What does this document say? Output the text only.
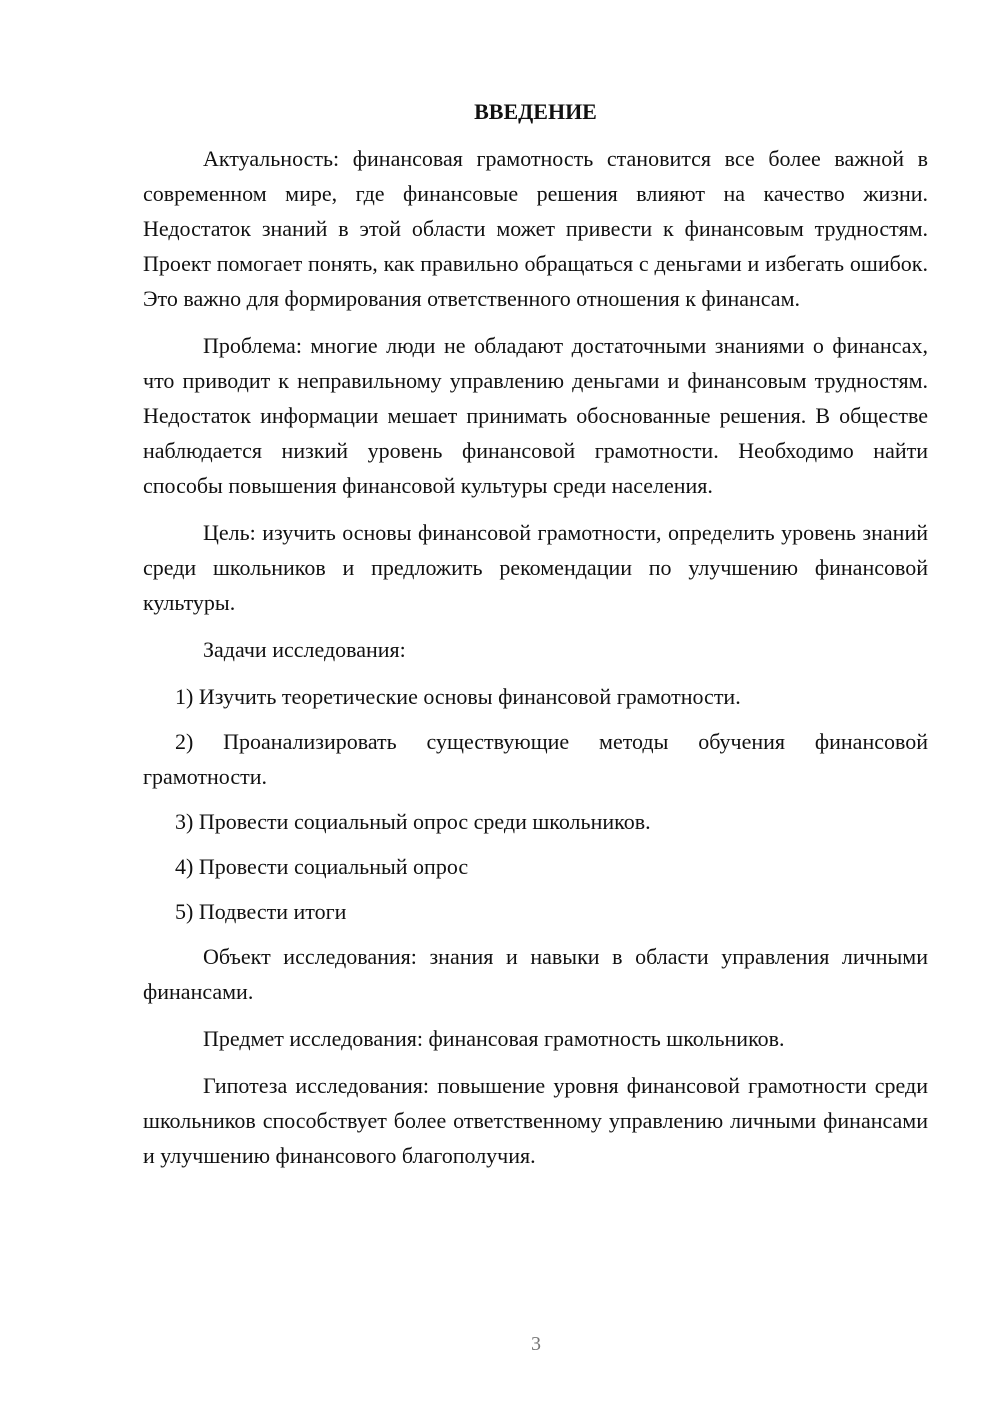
ВВЕДЕНИЕ

Актуальность: финансовая грамотность становится все более важной в современном мире, где финансовые решения влияют на качество жизни. Недостаток знаний в этой области может привести к финансовым трудностям. Проект помогает понять, как правильно обращаться с деньгами и избегать ошибок. Это важно для формирования ответственного отношения к финансам.

Проблема: многие люди не обладают достаточными знаниями о финансах, что приводит к неправильному управлению деньгами и финансовым трудностям. Недостаток информации мешает принимать обоснованные решения. В обществе наблюдается низкий уровень финансовой грамотности. Необходимо найти способы повышения финансовой культуры среди населения.

Цель: изучить основы финансовой грамотности, определить уровень знаний среди школьников и предложить рекомендации по улучшению финансовой культуры.

Задачи исследования:

1) Изучить теоретические основы финансовой грамотности.

2) Проанализировать существующие методы обучения финансовой грамотности.

3) Провести социальный опрос среди школьников.

4) Провести социальный опрос

5) Подвести итоги

Объект исследования: знания и навыки в области управления личными финансами.

Предмет исследования: финансовая грамотность школьников.

Гипотеза исследования: повышение уровня финансовой грамотности среди школьников способствует более ответственному управлению личными финансами и улучшению финансового благополучия.

3
